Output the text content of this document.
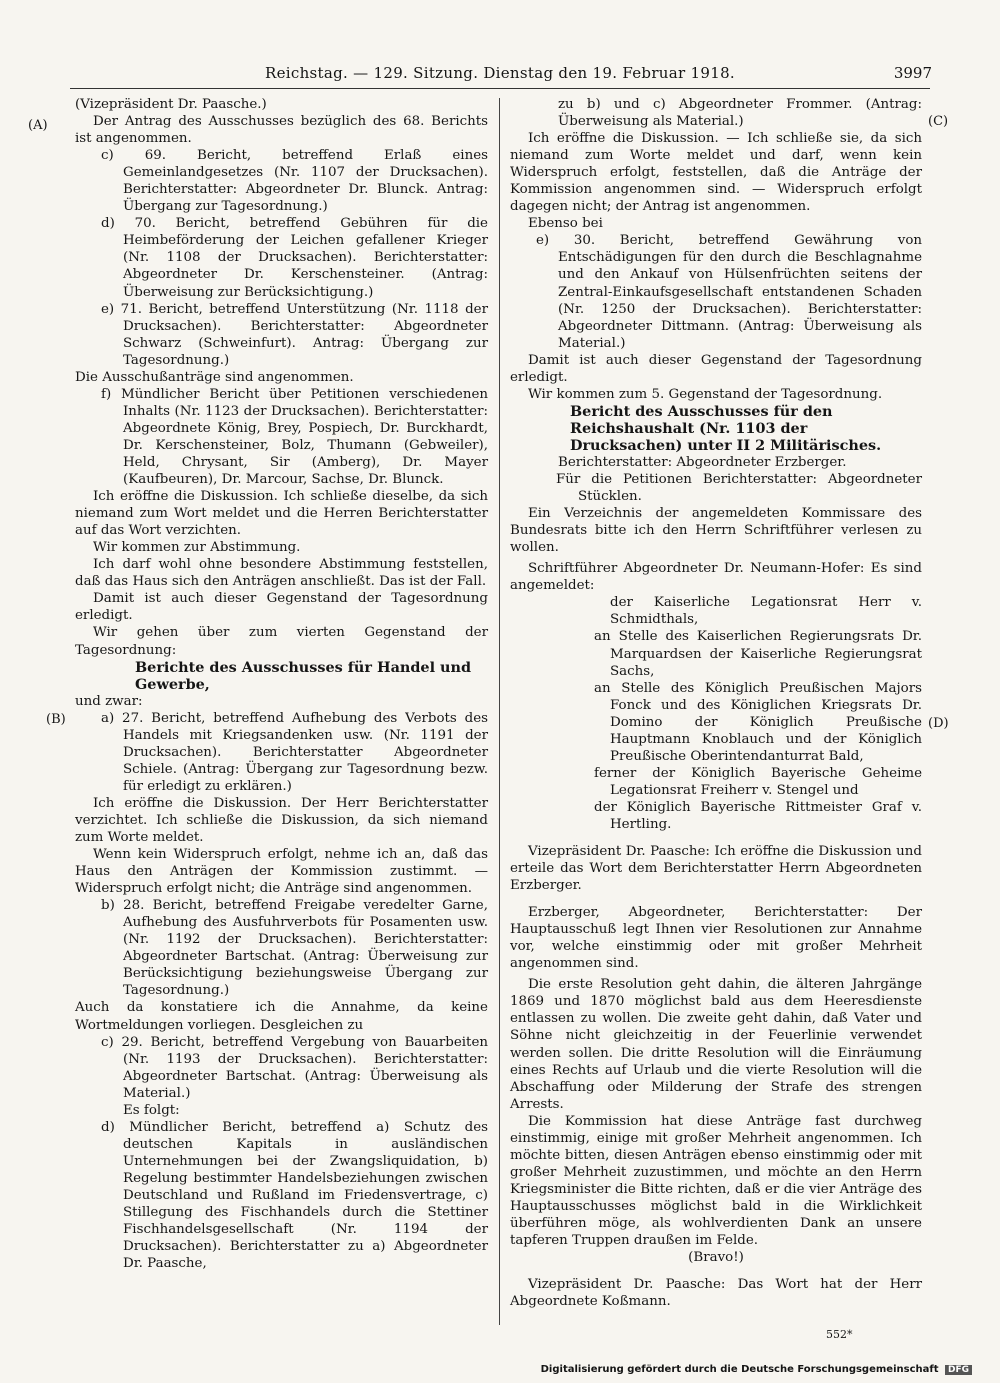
Reichstag. — 129. Sitzung. Dienstag den 19. Februar 1918.	3997
(A)
(B)
(C)
(D)

(Vizepräsident Dr. Paasche.)

Der Antrag des Ausschusses bezüglich des 68. Berichts ist angenommen.

c) 69. Bericht, betreffend Erlaß eines Gemeinlandgesetzes (Nr. 1107 der Drucksachen). Berichterstatter: Abgeordneter Dr. Blunck. Antrag: Übergang zur Tagesordnung.)

d) 70. Bericht, betreffend Gebühren für die Heimbeförderung der Leichen gefallener Krieger (Nr. 1108 der Drucksachen). Berichterstatter: Abgeordneter Dr. Kerschensteiner. (Antrag: Überweisung zur Berücksichtigung.)

e) 71. Bericht, betreffend Unterstützung (Nr. 1118 der Drucksachen). Berichterstatter: Abgeordneter Schwarz (Schweinfurt). Antrag: Übergang zur Tagesordnung.)

Die Ausschußanträge sind angenommen.

f) Mündlicher Bericht über Petitionen verschiedenen Inhalts (Nr. 1123 der Drucksachen). Berichterstatter: Abgeordnete König, Brey, Pospiech, Dr. Burckhardt, Dr. Kerschensteiner, Bolz, Thumann (Gebweiler), Held, Chrysant, Sir (Amberg), Dr. Mayer (Kaufbeuren), Dr. Marcour, Sachse, Dr. Blunck.

Ich eröffne die Diskussion. Ich schließe dieselbe, da sich niemand zum Wort meldet und die Herren Berichterstatter auf das Wort verzichten.

Wir kommen zur Abstimmung.

Ich darf wohl ohne besondere Abstimmung feststellen, daß das Haus sich den Anträgen anschließt. Das ist der Fall.

Damit ist auch dieser Gegenstand der Tagesordnung erledigt.

Wir gehen über zum vierten Gegenstand der Tagesordnung:

Berichte des Ausschusses für Handel und Gewerbe,

und zwar:

a) 27. Bericht, betreffend Aufhebung des Verbots des Handels mit Kriegsandenken usw. (Nr. 1191 der Drucksachen). Berichterstatter Abgeordneter Schiele. (Antrag: Übergang zur Tagesordnung bezw. für erledigt zu erklären.)

Ich eröffne die Diskussion. Der Herr Berichterstatter verzichtet. Ich schließe die Diskussion, da sich niemand zum Worte meldet.

Wenn kein Widerspruch erfolgt, nehme ich an, daß das Haus den Anträgen der Kommission zustimmt. — Widerspruch erfolgt nicht; die Anträge sind angenommen.

b) 28. Bericht, betreffend Freigabe veredelter Garne, Aufhebung des Ausfuhrverbots für Posamenten usw. (Nr. 1192 der Drucksachen). Berichterstatter: Abgeordneter Bartschat. (Antrag: Überweisung zur Berücksichtigung beziehungsweise Übergang zur Tagesordnung.)

Auch da konstatiere ich die Annahme, da keine Wortmeldungen vorliegen. Desgleichen zu

c) 29. Bericht, betreffend Vergebung von Bauarbeiten (Nr. 1193 der Drucksachen). Berichterstatter: Abgeordneter Bartschat. (Antrag: Überweisung als Material.)

Es folgt:

d) Mündlicher Bericht, betreffend a) Schutz des deutschen Kapitals in ausländischen Unternehmungen bei der Zwangsliquidation, b) Regelung bestimmter Handelsbeziehungen zwischen Deutschland und Rußland im Friedensvertrage, c) Stillegung des Fischhandels durch die Stettiner Fischhandelsgesellschaft (Nr. 1194 der Drucksachen). Berichterstatter zu a) Abgeordneter Dr. Paasche,

zu b) und c) Abgeordneter Frommer. (Antrag: Überweisung als Material.)

Ich eröffne die Diskussion. — Ich schließe sie, da sich niemand zum Worte meldet und darf, wenn kein Widerspruch erfolgt, feststellen, daß die Anträge der Kommission angenommen sind. — Widerspruch erfolgt dagegen nicht; der Antrag ist angenommen.

Ebenso bei

e) 30. Bericht, betreffend Gewährung von Entschädigungen für den durch die Beschlagnahme und den Ankauf von Hülsenfrüchten seitens der Zentral-Einkaufsgesellschaft entstandenen Schaden (Nr. 1250 der Drucksachen). Berichterstatter: Abgeordneter Dittmann. (Antrag: Überweisung als Material.)

Damit ist auch dieser Gegenstand der Tagesordnung erledigt.

Wir kommen zum 5. Gegenstand der Tagesordnung.

Bericht des Ausschusses für den Reichshaushalt (Nr. 1103 der Drucksachen) unter II 2 Militärisches.

Berichterstatter: Abgeordneter Erzberger.

Für die Petitionen Berichterstatter: Abgeordneter Stücklen.

Ein Verzeichnis der angemeldeten Kommissare des Bundesrats bitte ich den Herrn Schriftführer verlesen zu wollen.

Schriftführer Abgeordneter Dr. Neumann-Hofer: Es sind angemeldet:

der Kaiserliche Legationsrat Herr v. Schmidthals,

an Stelle des Kaiserlichen Regierungsrats Dr. Marquardsen der Kaiserliche Regierungsrat Sachs,

an Stelle des Königlich Preußischen Majors Fonck und des Königlichen Kriegsrats Dr. Domino der Königlich Preußische Hauptmann Knoblauch und der Königlich Preußische Oberintendanturrat Bald,

ferner der Königlich Bayerische Geheime Legationsrat Freiherr v. Stengel und

der Königlich Bayerische Rittmeister Graf v. Hertling.

Vizepräsident Dr. Paasche: Ich eröffne die Diskussion und erteile das Wort dem Berichterstatter Herrn Abgeordneten Erzberger.

Erzberger, Abgeordneter, Berichterstatter: Der Hauptausschuß legt Ihnen vier Resolutionen zur Annahme vor, welche einstimmig oder mit großer Mehrheit angenommen sind.

Die erste Resolution geht dahin, die älteren Jahrgänge 1869 und 1870 möglichst bald aus dem Heeresdienste entlassen zu wollen. Die zweite geht dahin, daß Vater und Söhne nicht gleichzeitig in der Feuerlinie verwendet werden sollen. Die dritte Resolution will die Einräumung eines Rechts auf Urlaub und die vierte Resolution will die Abschaffung oder Milderung der Strafe des strengen Arrests.

Die Kommission hat diese Anträge fast durchweg einstimmig, einige mit großer Mehrheit angenommen. Ich möchte bitten, diesen Anträgen ebenso einstimmig oder mit großer Mehrheit zuzustimmen, und möchte an den Herrn Kriegsminister die Bitte richten, daß er die vier Anträge des Hauptausschusses möglichst bald in die Wirklichkeit überführen möge, als wohlverdienten Dank an unsere tapferen Truppen draußen im Felde.

(Bravo!)

Vizepräsident Dr. Paasche: Das Wort hat der Herr Abgeordnete Koßmann.

552*
Digitalisierung gefördert durch die Deutsche Forschungsgemeinschaft DFG
